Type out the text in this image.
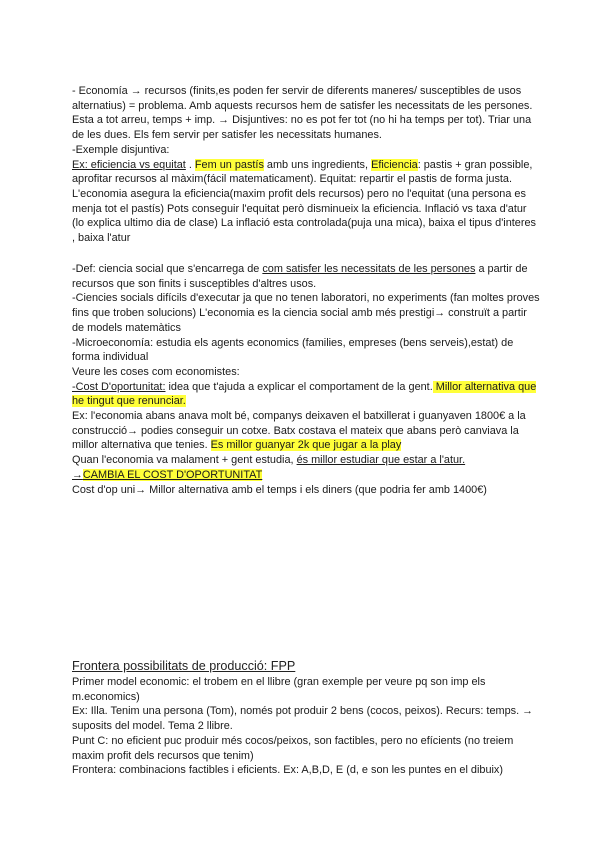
- Economía → recursos (finits,es poden fer servir de diferents maneres/ susceptibles de usos alternatius) = problema. Amb aquests recursos hem de satisfer les necessitats de les persones. Esta a tot arreu, temps + imp. → Disjuntives: no es pot fer tot (no hi ha temps per tot). Triar una de les dues. Els fem servir per satisfer les necessitats humanes.

-Exemple disjuntiva:

Ex: eficiencia vs equitat . Fem un pastís amb uns ingredients, Eficiencia: pastis + gran possible, aprofitar recursos al màxim(fácil matematicament). Equitat: repartir el pastis de forma justa. L'economia asegura la eficiencia(maxim profit dels recursos) pero no l'equitat (una persona es menja tot el pastís) Pots conseguir l'equitat però disminueix la eficiencia. Inflació vs taxa d'atur (lo explica ultimo dia de clase) La inflació esta controlada(puja una mica), baixa el tipus d'interes , baixa l'atur

-Def: ciencia social que s'encarrega de com satisfer les necessitats de les persones a partir de recursos que son finits i susceptibles d'altres usos.

-Ciencies socials difícils d'executar ja que no tenen laboratori, no experiments (fan moltes proves fins que troben solucions) L'economia es la ciencia social amb més prestigi→ construït a partir de models matemàtics

-Microeconomía: estudia els agents economics (families, empreses (bens serveis),estat) de forma individual

Veure les coses com economistes:

-Cost D'oportunitat: idea que t'ajuda a explicar el comportament de la gent. Millor alternativa que he tingut que renunciar.

Ex: l'economia abans anava molt bé, companys deixaven el batxillerat i guanyaven 1800€ a la construcció→ podies conseguir un cotxe. Batx costava el mateix que abans però canviava la millor alternativa que tenies. Es millor guanyar 2k que jugar a la play

Quan l'economia va malament + gent estudia, és millor estudiar que estar a l'atur.

→CAMBIA EL COST D'OPORTUNITAT

Cost d'op uni→ Millor alternativa amb el temps i els diners (que podria fer amb 1400€)

Frontera possibilitats de producció: FPP

Primer model economic: el trobem en el llibre (gran exemple per veure pq son imp els m.economics)

Ex: Illa. Tenim una persona (Tom), només pot produir 2 bens (cocos, peixos). Recurs: temps. → suposits del model. Tema 2 llibre.

Punt C: no eficient puc produir més cocos/peixos, son factibles, pero no efícients (no treiem maxim profit dels recursos que tenim)

Frontera: combinacions factibles i eficients. Ex: A,B,D, E (d, e son les puntes en el dibuix)
